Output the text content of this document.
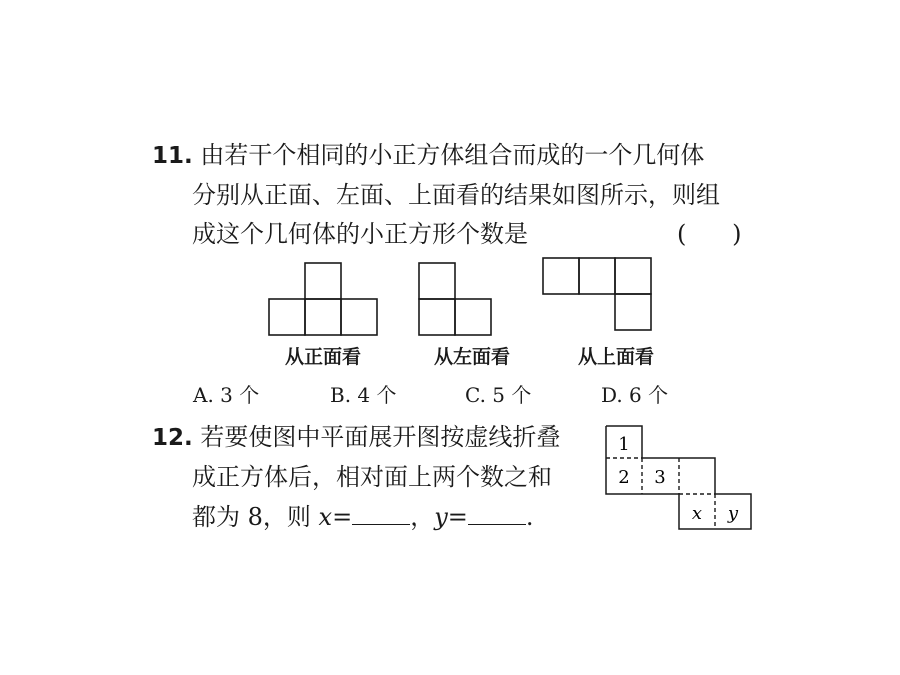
11. 由若干个相同的小正方体组合而成的一个几何体
分别从正面、左面、上面看的结果如图所示，则组
成这个几何体的小正方形个数是	(      )
从正面看	从左面看	从上面看
A. 3 个	B. 4 个	C. 5 个	D. 6 个
12. 若要使图中平面展开图按虚线折叠
成正方体后，相对面上两个数之和
都为 8，则 x= ，y= .
1
2 3
x y
